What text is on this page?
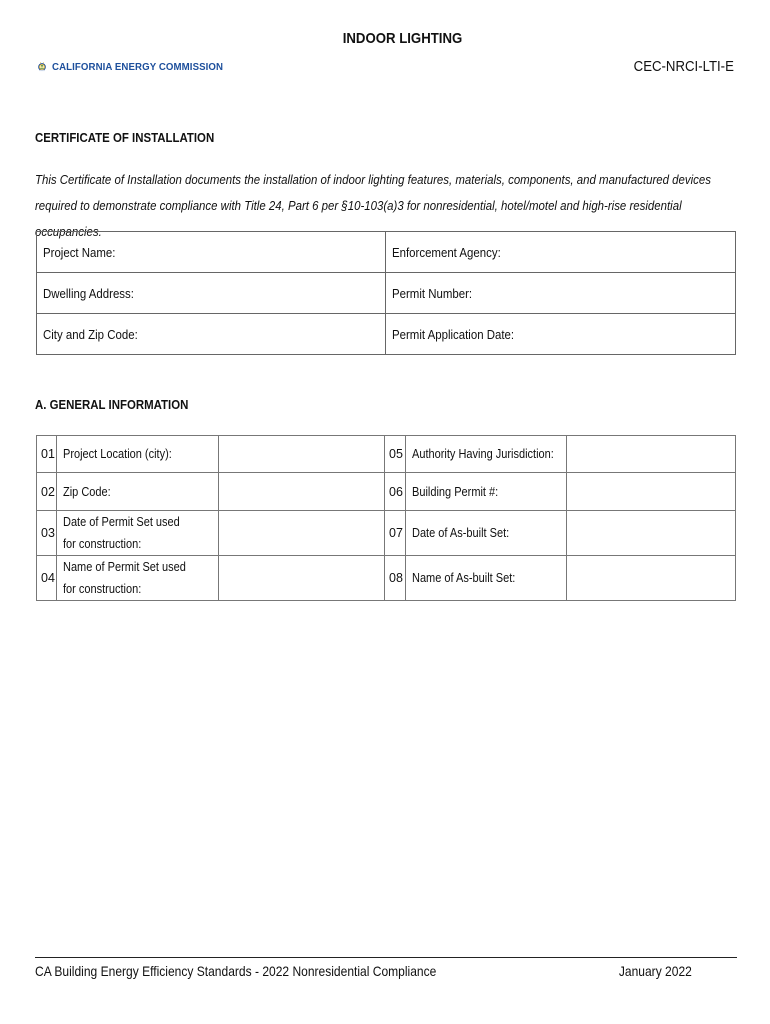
CALIFORNIA ENERGY COMMISSION
INDOOR LIGHTING
CEC-NRCI-LTI-E
CERTIFICATE OF INSTALLATION
This Certificate of Installation documents the installation of indoor lighting features, materials, components, and manufactured devices required to demonstrate compliance with Title 24, Part 6 per §10-103(a)3 for nonresidential, hotel/motel and high-rise residential occupancies.
Project Name:	Enforcement Agency:
Dwelling Address:	Permit Number:
City and Zip Code:	Permit Application Date:
A. GENERAL INFORMATION
01	Project Location (city):		05	Authority Having Jurisdiction:	
02	Zip Code:		06	Building Permit #:	
03	Date of Permit Set used for construction:		07	Date of As-built Set:	
04	Name of Permit Set used for construction:		08	Name of As-built Set:	
CA Building Energy Efficiency Standards - 2022 Nonresidential Compliance	January 2022
